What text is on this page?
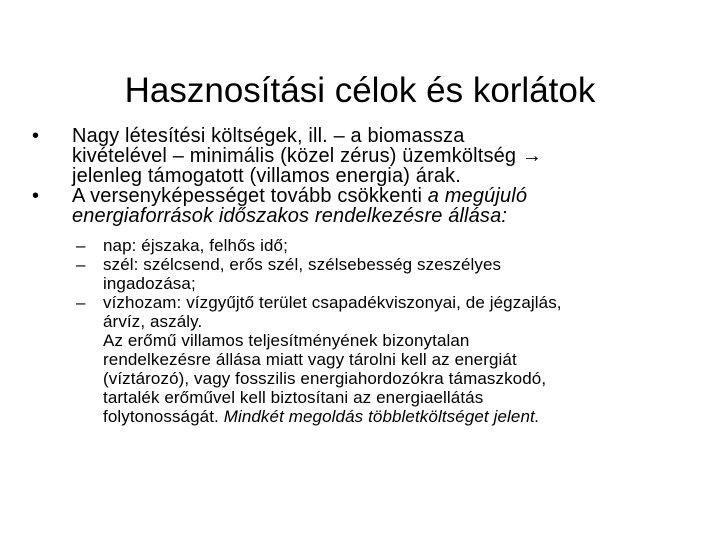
Hasznosítási célok és korlátok
• Nagy létesítési költségek, ill. – a biomassza
kivételével – minimális (közel zérus) üzemköltség →
jelenleg támogatott (villamos energia) árak.
• A versenyképességet tovább csökkenti a megújuló
energiaforrások időszakos rendelkezésre állása:
– nap: éjszaka, felhős idő;
– szél: szélcsend, erős szél, szélsebesség szeszélyes
ingadozása;
– vízhozam: vízgyűjtő terület csapadékviszonyai, de jégzajlás,
árvíz, aszály.
Az erőmű villamos teljesítményének bizonytalan
rendelkezésre állása miatt vagy tárolni kell az energiát
(víztározó), vagy fosszilis energiahordozókra támaszkodó,
tartalék erőművel kell biztosítani az energiaellátás
folytonosságát. Mindkét megoldás többletköltséget jelent.
